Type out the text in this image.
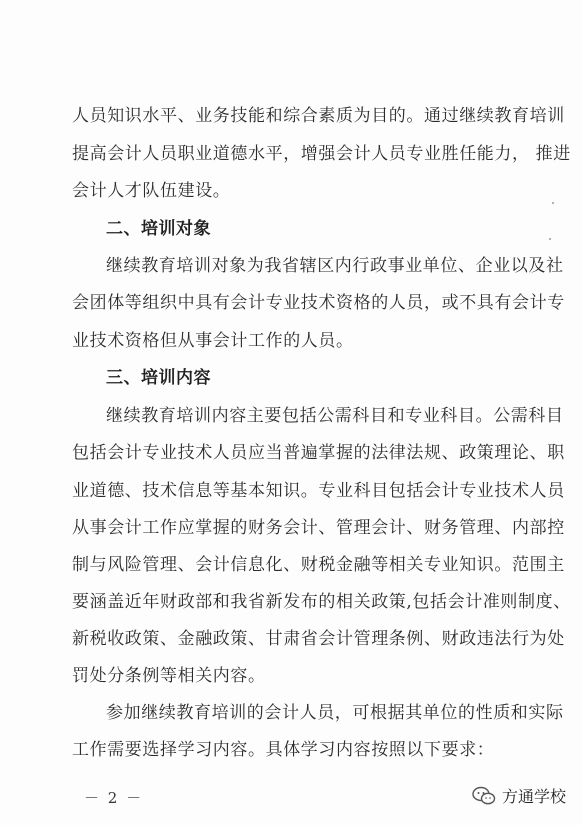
人员知识水平、业务技能和综合素质为目的。通过继续教育培训
提高会计人员职业道德水平，增强会计人员专业胜任能力， 推进
会计人才队伍建设。
二、培训对象
继续教育培训对象为我省辖区内行政事业单位、企业以及社
会团体等组织中具有会计专业技术资格的人员，或不具有会计专
业技术资格但从事会计工作的人员。
三、培训内容
继续教育培训内容主要包括公需科目和专业科目。公需科目
包括会计专业技术人员应当普遍掌握的法律法规、政策理论、职
业道德、技术信息等基本知识。专业科目包括会计专业技术人员
从事会计工作应掌握的财务会计、管理会计、财务管理、内部控
制与风险管理、会计信息化、财税金融等相关专业知识。范围主
要涵盖近年财政部和我省新发布的相关政策,包括会计准则制度、
新税收政策、金融政策、甘肃省会计管理条例、财政违法行为处
罚处分条例等相关内容。
参加继续教育培训的会计人员，可根据其单位的性质和实际
工作需要选择学习内容。具体学习内容按照以下要求：
－ 2 －	方通学校
